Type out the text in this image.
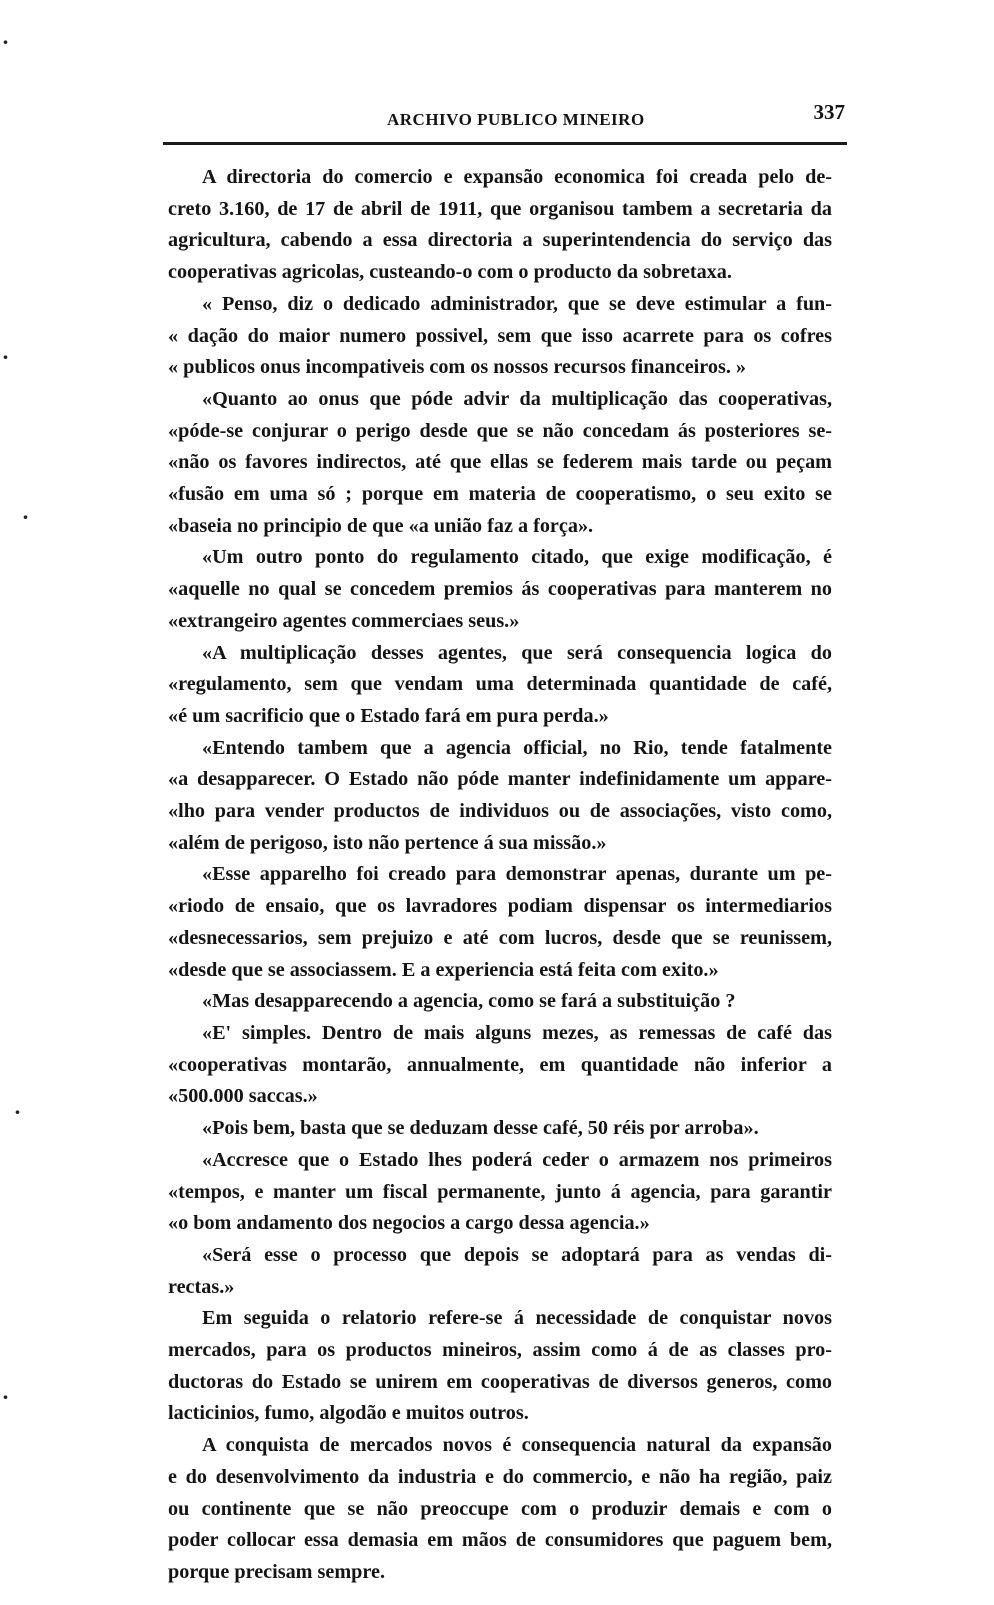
ARCHIVO PUBLICO MINEIRO	337
·
·
·
·
·
A directoria do comercio e expansão economica foi creada pelo de-
creto 3.160, de 17 de abril de 1911, que organisou tambem a secretaria da
agricultura, cabendo a essa directoria a superintendencia do serviço das
cooperativas agricolas, custeando-o com o producto da sobretaxa.
« Penso, diz o dedicado administrador, que se deve estimular a fun-
« dação do maior numero possivel, sem que isso acarrete para os cofres
« publicos onus incompativeis com os nossos recursos financeiros. »
«Quanto ao onus que póde advir da multiplicação das cooperativas,
«póde-se conjurar o perigo desde que se não concedam ás posteriores se-
«não os favores indirectos, até que ellas se federem mais tarde ou peçam
«fusão em uma só ; porque em materia de cooperatismo, o seu exito se
«baseia no principio de que «a união faz a força».
«Um outro ponto do regulamento citado, que exige modificação, é
«aquelle no qual se concedem premios ás cooperativas para manterem no
«extrangeiro agentes commerciaes seus.»
«A multiplicação desses agentes, que será consequencia logica do
«regulamento, sem que vendam uma determinada quantidade de café,
«é um sacrificio que o Estado fará em pura perda.»
«Entendo tambem que a agencia official, no Rio, tende fatalmente
«a desapparecer. O Estado não póde manter indefinidamente um appare-
«lho para vender productos de individuos ou de associações, visto como,
«além de perigoso, isto não pertence á sua missão.»
«Esse apparelho foi creado para demonstrar apenas, durante um pe-
«riodo de ensaio, que os lavradores podiam dispensar os intermediarios
«desnecessarios, sem prejuizo e até com lucros, desde que se reunissem,
«desde que se associassem. E a experiencia está feita com exito.»
«Mas desapparecendo a agencia, como se fará a substituição ?
«E' simples. Dentro de mais alguns mezes, as remessas de café das
«cooperativas montarão, annualmente, em quantidade não inferior a
«500.000 saccas.»
«Pois bem, basta que se deduzam desse café, 50 réis por arroba».
«Accresce que o Estado lhes poderá ceder o armazem nos primeiros
«tempos, e manter um fiscal permanente, junto á agencia, para garantir
«o bom andamento dos negocios a cargo dessa agencia.»
«Será esse o processo que depois se adoptará para as vendas di-
rectas.»
Em seguida o relatorio refere-se á necessidade de conquistar novos
mercados, para os productos mineiros, assim como á de as classes pro-
ductoras do Estado se unirem em cooperativas de diversos generos, como
lacticinios, fumo, algodão e muitos outros.
A conquista de mercados novos é consequencia natural da expansão
e do desenvolvimento da industria e do commercio, e não ha região, paiz
ou continente que se não preoccupe com o produzir demais e com o
poder collocar essa demasia em mãos de consumidores que paguem bem,
porque precisam sempre.
